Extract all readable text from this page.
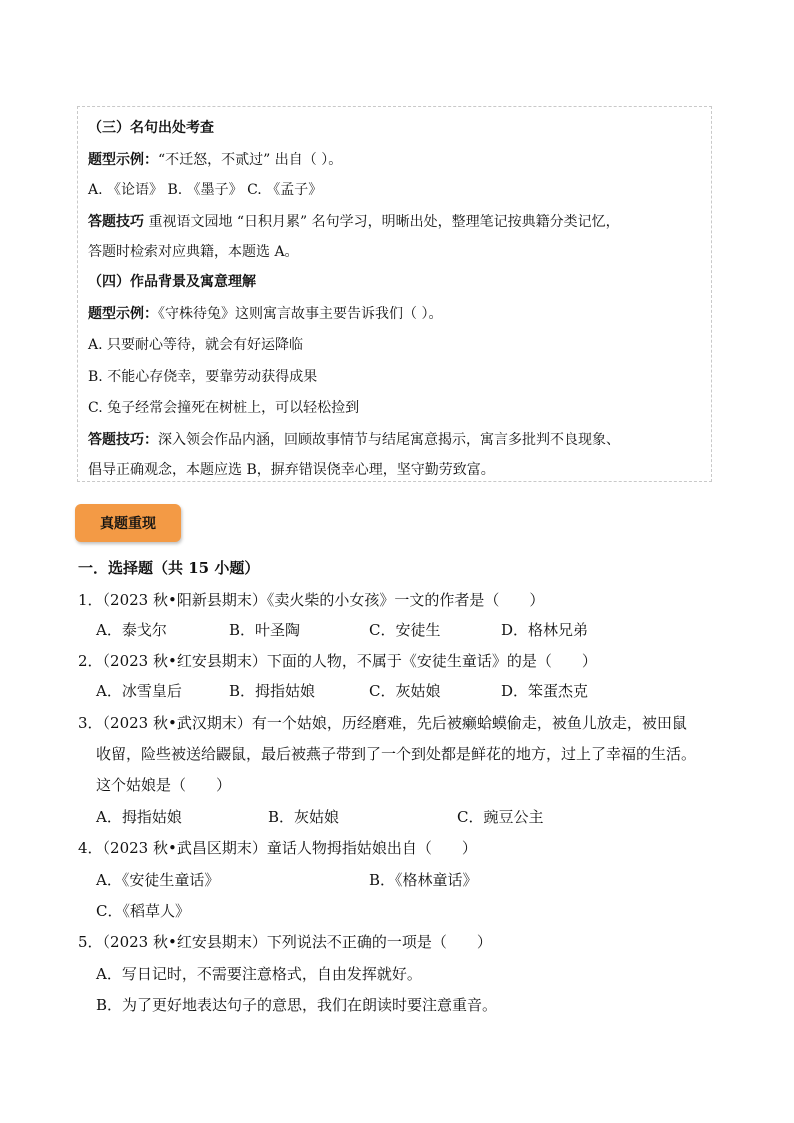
（三）名句出处考查
题型示例：“不迁怒，不贰过” 出自（ ）。
A. 《论语》 B. 《墨子》 C. 《孟子》
答题技巧 重视语文园地 “日积月累” 名句学习，明晰出处，整理笔记按典籍分类记忆，
答题时检索对应典籍，本题选 A。
（四）作品背景及寓意理解
题型示例：《守株待兔》这则寓言故事主要告诉我们（ ）。
A. 只要耐心等待，就会有好运降临
B. 不能心存侥幸，要靠劳动获得成果
C. 兔子经常会撞死在树桩上，可以轻松捡到
答题技巧：深入领会作品内涵，回顾故事情节与结尾寓意揭示，寓言多批判不良现象、
倡导正确观念，本题应选 B，摒弃错误侥幸心理，坚守勤劳致富。
真题重现
一．选择题（共 15 小题）
1．（2023 秋•阳新县期末）《卖火柴的小女孩》一文的作者是（　　）
A．泰戈尔	B．叶圣陶	C．安徒生	D．格林兄弟
2．（2023 秋•红安县期末）下面的人物，不属于《安徒生童话》的是（　　）
A．冰雪皇后	B．拇指姑娘	C．灰姑娘	D．笨蛋杰克
3．（2023 秋•武汉期末）有一个姑娘，历经磨难，先后被癞蛤蟆偷走，被鱼儿放走，被田鼠
收留，险些被送给鼹鼠，最后被燕子带到了一个到处都是鲜花的地方，过上了幸福的生活。
这个姑娘是（　　）
A．拇指姑娘	B．灰姑娘	C．豌豆公主
4．（2023 秋•武昌区期末）童话人物拇指姑娘出自（　　）
A．《安徒生童话》	B．《格林童话》
C．《稻草人》
5．（2023 秋•红安县期末）下列说法不正确的一项是（　　）
A．写日记时，不需要注意格式，自由发挥就好。
B．为了更好地表达句子的意思，我们在朗读时要注意重音。
